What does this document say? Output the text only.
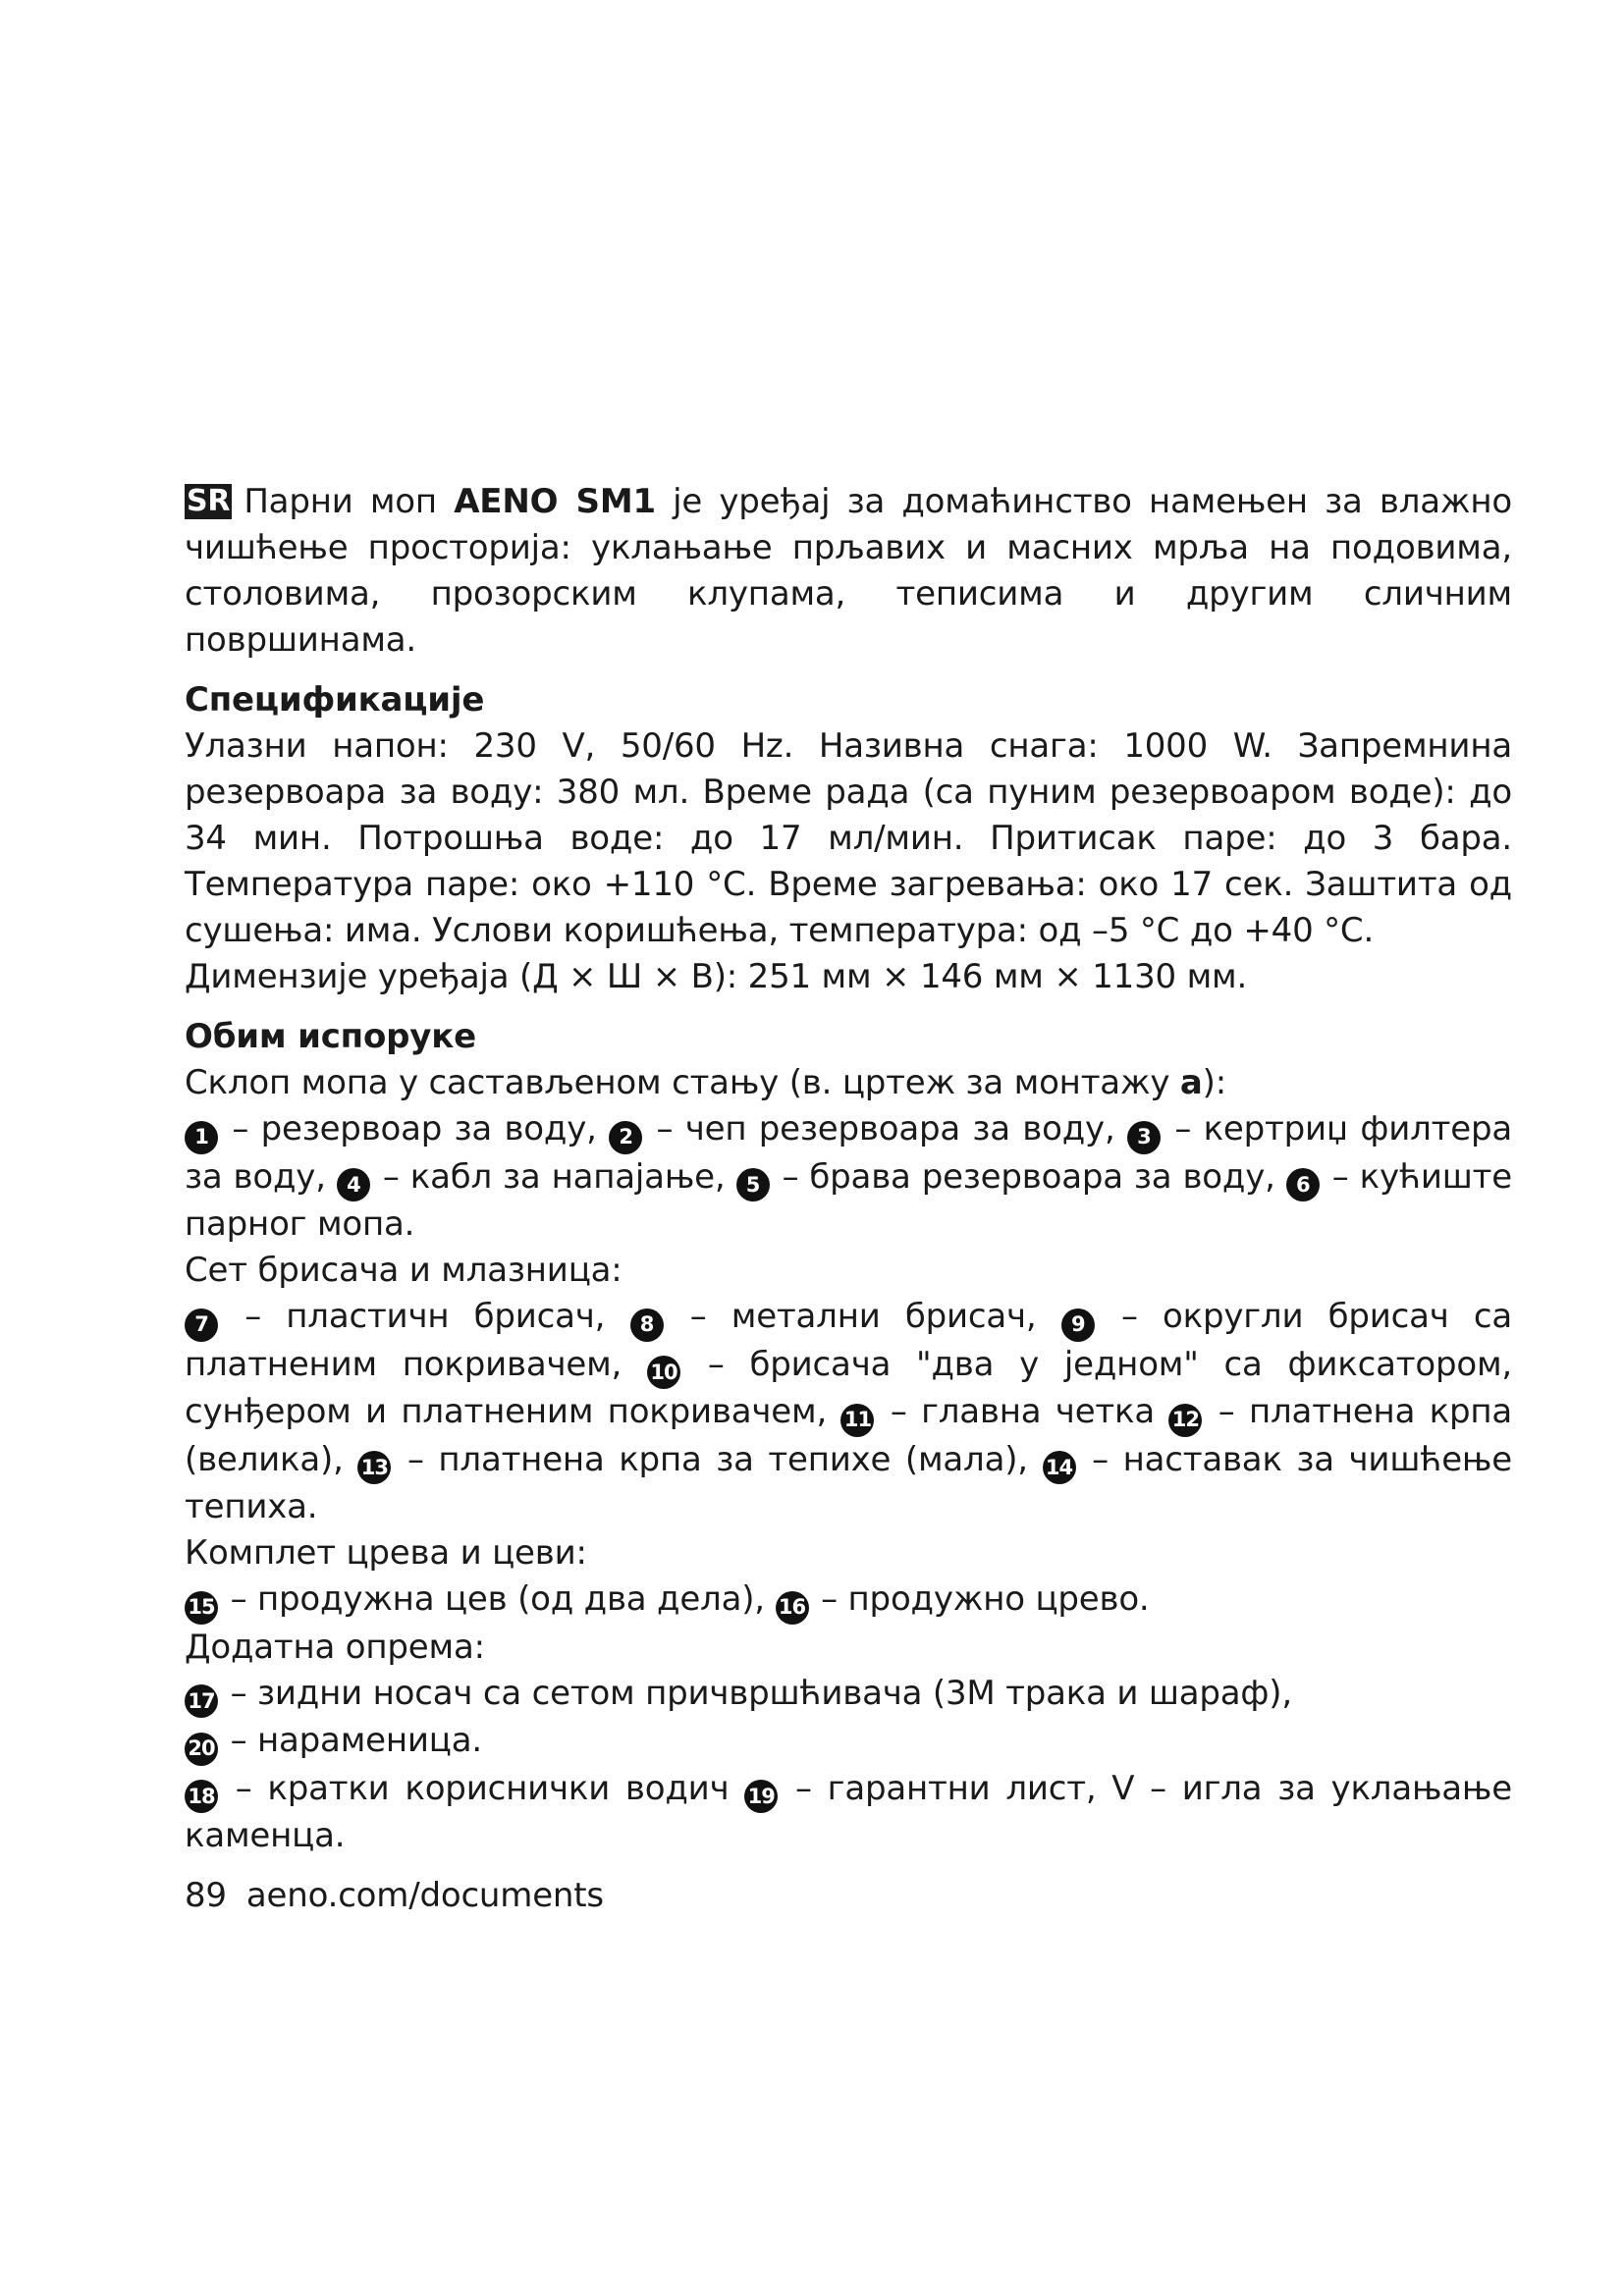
SR Парни моп AENO SM1 је уређај за домаћинство намењен за влажно чишћење просторија: уклањање прљавих и масних мрља на подовима, столовима, прозорским клупама, теписима и другим сличним површинама.

Спецификације

Улазни напон: 230 V, 50/60 Hz. Називна снага: 1000 W. Запремнина резервоара за воду: 380 мл. Време рада (са пуним резервоаром воде): до 34 мин. Потрошња воде: до 17 мл/мин. Притисак паре: до 3 бара. Температура паре: око +110 °C. Време загревања: око 17 сек. Заштита од сушења: има. Услови коришћења, температура: од –5 °C до +40 °C.

Димензије уређаја (Д × Ш × В): 251 мм × 146 мм × 1130 мм.

Обим испоруке

Склоп мопа у састављеном стању (в. цртеж за монтажу а):

1 – резервоар за воду, 2 – чеп резервоара за воду, 3 – кертриџ филтера за воду, 4 – кабл за напајање, 5 – брава резервоара за воду, 6 – кућиште парног мопа.

Сет брисача и млазница:

7 – пластичн брисач, 8 – метални брисач, 9 – округли брисач са платненим покривачем, 10 – брисача "два у једном" са фиксатором, сунђером и платненим покривачем, 11 – главна четка 12 – платнена крпа (велика), 13 – платнена крпа за тепихе (мала), 14 – наставак за чишћење тепиха.

Комплет црева и цеви:

15 – продужна цев (од два дела), 16 – продужно црево.

Додатна опрема:

17 – зидни носач са сетом причвршћивача (3M трака и шараф),

20 – нараменица.

18 – кратки кориснички водич 19 – гарантни лист, V – игла за уклањање каменца.

89 aeno.com/documents
